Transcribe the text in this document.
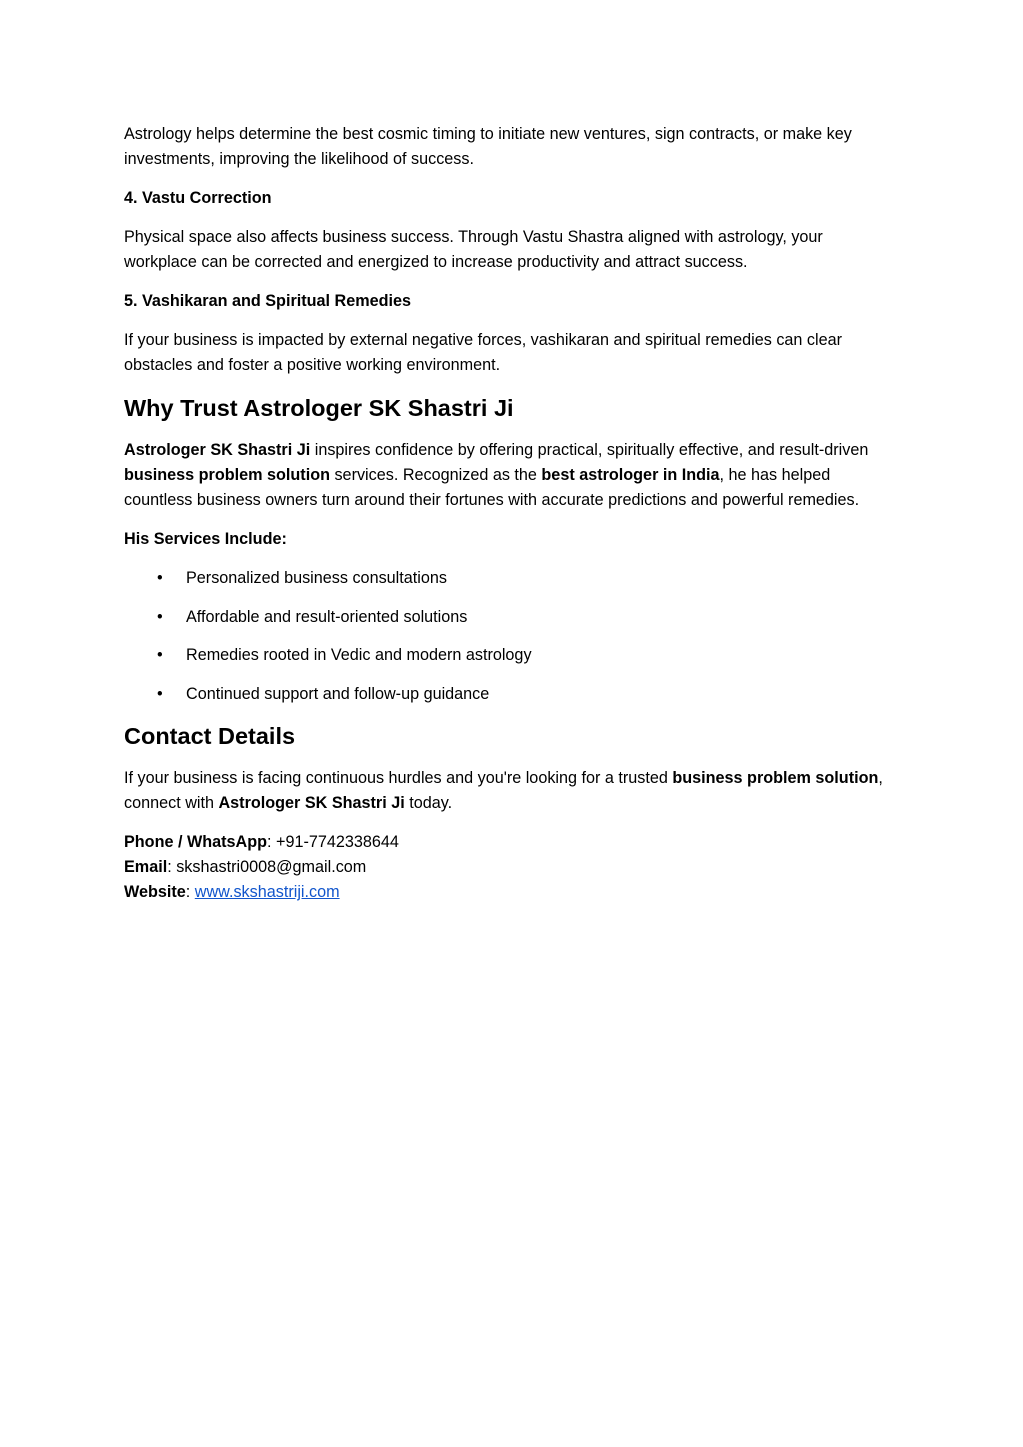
Astrology helps determine the best cosmic timing to initiate new ventures, sign contracts, or make key investments, improving the likelihood of success.

4. Vastu Correction

Physical space also affects business success. Through Vastu Shastra aligned with astrology, your workplace can be corrected and energized to increase productivity and attract success.

5. Vashikaran and Spiritual Remedies

If your business is impacted by external negative forces, vashikaran and spiritual remedies can clear obstacles and foster a positive working environment.

Why Trust Astrologer SK Shastri Ji

Astrologer SK Shastri Ji inspires confidence by offering practical, spiritually effective, and result-driven business problem solution services. Recognized as the best astrologer in India, he has helped countless business owners turn around their fortunes with accurate predictions and powerful remedies.

His Services Include:
• Personalized business consultations
• Affordable and result-oriented solutions
• Remedies rooted in Vedic and modern astrology
• Continued support and follow-up guidance
Contact Details

If your business is facing continuous hurdles and you're looking for a trusted business problem solution, connect with Astrologer SK Shastri Ji today.

Phone / WhatsApp: +91-7742338644
Email: skshastri0008@gmail.com
Website: www.skshastriji.com
